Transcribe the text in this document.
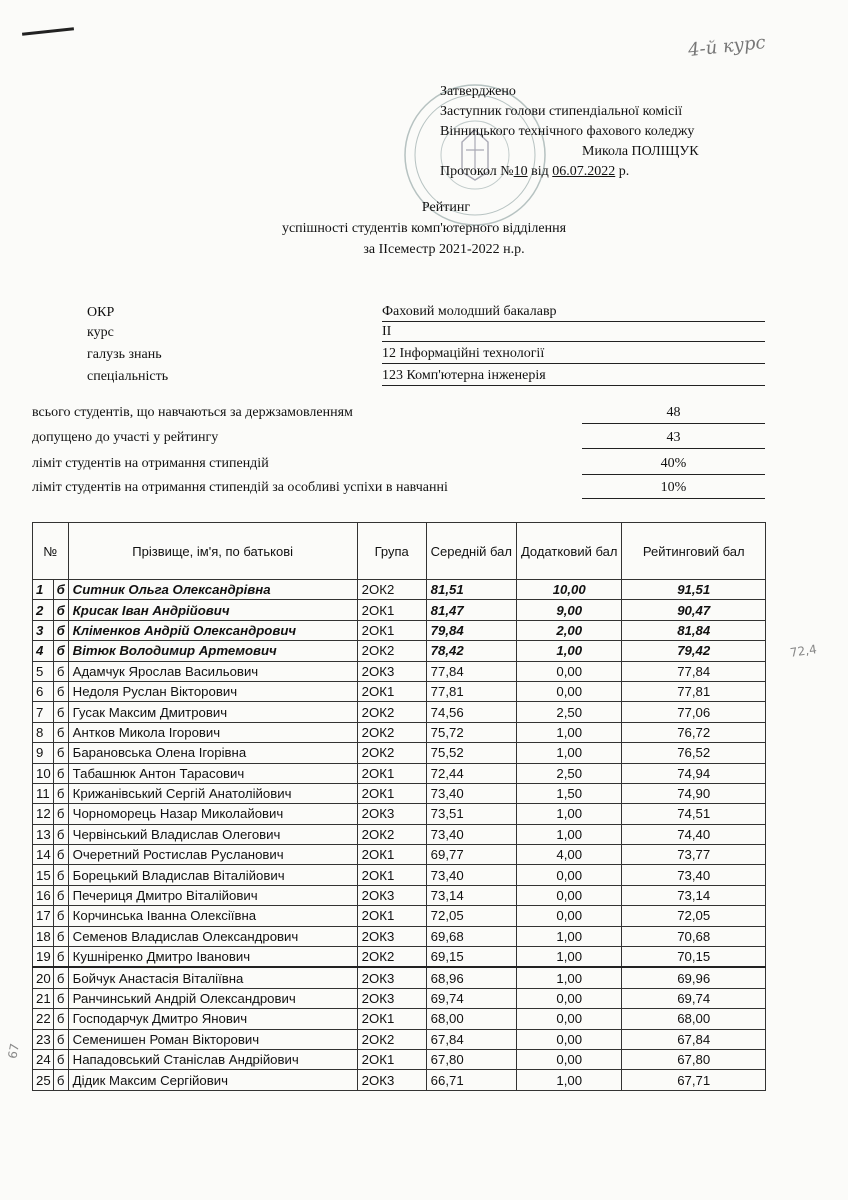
4-й курс
Затверджено
Заступник голови стипендіальної комісії
Вінницького технічного фахового коледжу
Микола ПОЛІЩУК
Протокол №10 від 06.07.2022 р.
Рейтинг
успішності студентів комп'ютерного відділення
за ІІсеместр 2021-2022 н.р.
ОКР	Фаховий молодший бакалавр
курс	ІІ
галузь знань	12 Інформаційні технології
спеціальність	123 Комп'ютерна інженерія
всього студентів, що навчаються за держзамовленням	48
допущено до участі у рейтингу	43
ліміт студентів на отримання стипендій	40%
ліміт студентів на отримання стипендій за особливі успіхи в навчанні	10%
№		Прізвище, ім'я, по батькові	Група	Середній бал	Додатковий бал	Рейтинговий бал
1	б	Ситник Ольга Олександрівна	2ОК2	81,51	10,00	91,51
2	б	Крисак Іван Андрійович	2ОК1	81,47	9,00	90,47
3	б	Кліменков Андрій Олександрович	2ОК1	79,84	2,00	81,84
4	б	Вітюк Володимир Артемович	2ОК2	78,42	1,00	79,42
5	б	Адамчук Ярослав Васильович	2ОК3	77,84	0,00	77,84
6	б	Недоля Руслан Вікторович	2ОК1	77,81	0,00	77,81
7	б	Гусак Максим Дмитрович	2ОК2	74,56	2,50	77,06
8	б	Антков Микола Ігорович	2ОК2	75,72	1,00	76,72
9	б	Барановська Олена Ігорівна	2ОК2	75,52	1,00	76,52
10	б	Табашнюк Антон Тарасович	2ОК1	72,44	2,50	74,94
11	б	Крижанівський Сергій Анатолійович	2ОК1	73,40	1,50	74,90
12	б	Чорноморець Назар Миколайович	2ОК3	73,51	1,00	74,51
13	б	Червінський Владислав Олегович	2ОК2	73,40	1,00	74,40
14	б	Очеретний Ростислав Русланович	2ОК1	69,77	4,00	73,77
15	б	Борецький Владислав Віталійович	2ОК1	73,40	0,00	73,40
16	б	Печериця Дмитро Віталійович	2ОК3	73,14	0,00	73,14
17	б	Корчинська Іванна Олексіївна	2ОК1	72,05	0,00	72,05
18	б	Семенов Владислав Олександрович	2ОК3	69,68	1,00	70,68
19	б	Кушніренко Дмитро Іванович	2ОК2	69,15	1,00	70,15
20	б	Бойчук Анастасія Віталіївна	2ОК3	68,96	1,00	69,96
21	б	Ранчинський Андрій Олександрович	2ОК3	69,74	0,00	69,74
22	б	Господарчук Дмитро Янович	2ОК1	68,00	0,00	68,00
23	б	Семенишен Роман Вікторович	2ОК2	67,84	0,00	67,84
24	б	Нападовський Станіслав Андрійович	2ОК1	67,80	0,00	67,80
25	б	Дідик Максим Сергійович	2ОК3	66,71	1,00	67,71
72,4
67
